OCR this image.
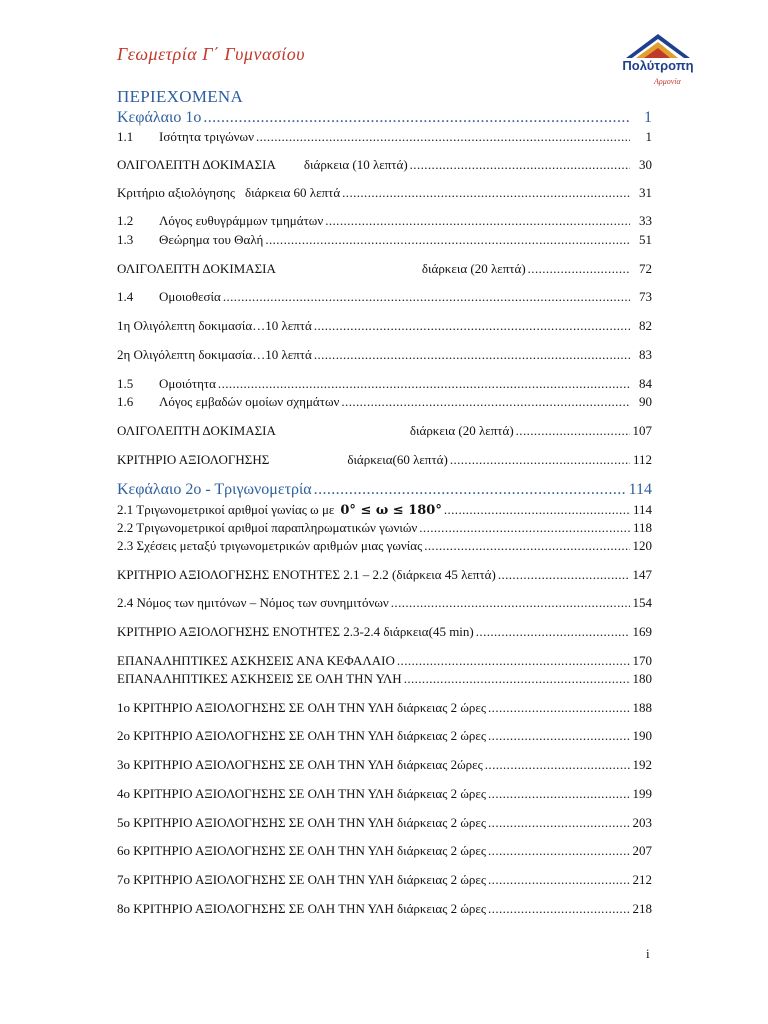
Γεωμετρία Γ΄ Γυμνασίου
Πολύτροπη
Αρμονία
ΠΕΡΙΕΧΟΜΕΝΑ
Κεφάλαιο 1ο .....	1
1.1	Ισότητα τριγώνων .....	1
ΟΛΙΓΟΛΕΠΤΗ ΔΟΚΙΜΑΣΙΑ διάρκεια (10 λεπτά) .....	30
Κριτήριο αξιολόγησης διάρκεια 60 λεπτά .....	31
1.2	Λόγος ευθυγράμμων τμημάτων .....	33
1.3	Θεώρημα του Θαλή .....	51
ΟΛΙΓΟΛΕΠΤΗ ΔΟΚΙΜΑΣΙΑ	διάρκεια (20 λεπτά) .....	72
1.4	Ομοιοθεσία .....	73
1η Ολιγόλεπτη δοκιμασία…10 λεπτά .....	82
2η Ολιγόλεπτη δοκιμασία…10 λεπτά .....	83
1.5	Ομοιότητα .....	84
1.6	Λόγος εμβαδών ομοίων σχημάτων .....	90
ΟΛΙΓΟΛΕΠΤΗ ΔΟΚΙΜΑΣΙΑ	διάρκεια (20 λεπτά) .....	107
ΚΡΙΤΗΡΙΟ ΑΞΙΟΛΟΓΗΣΗΣ	διάρκεια(60 λεπτά) .....	112
Κεφάλαιο 2ο - Τριγωνομετρία .....	114
2.1 Τριγωνομετρικοί αριθμοί γωνίας ω με 0° ≤ ω ≤ 180° .....	114
2.2 Τριγωνομετρικοί αριθμοί παραπληρωματικών γωνιών .....	118
2.3 Σχέσεις μεταξύ τριγωνομετρικών αριθμών μιας γωνίας .....	120
ΚΡΙΤΗΡΙΟ ΑΞΙΟΛΟΓΗΣΗΣ ΕΝΟΤΗΤΕΣ 2.1 – 2.2 (διάρκεια 45 λεπτά) .....	147
2.4 Νόμος των ημιτόνων – Νόμος των συνημιτόνων .....	154
ΚΡΙΤΗΡΙΟ ΑΞΙΟΛΟΓΗΣΗΣ ΕΝΟΤΗΤΕΣ 2.3-2.4 διάρκεια(45 min) .....	169
ΕΠΑΝΑΛΗΠΤΙΚΕΣ ΑΣΚΗΣΕΙΣ ΑΝΑ ΚΕΦΑΛΑΙΟ .....	170
ΕΠΑΝΑΛΗΠΤΙΚΕΣ ΑΣΚΗΣΕΙΣ ΣΕ ΟΛΗ ΤΗΝ ΥΛΗ .....	180
1ο ΚΡΙΤΗΡΙΟ ΑΞΙΟΛΟΓΗΣΗΣ ΣΕ ΟΛΗ ΤΗΝ ΥΛΗ διάρκειας 2 ώρες .....	188
2ο ΚΡΙΤΗΡΙΟ ΑΞΙΟΛΟΓΗΣΗΣ ΣΕ ΟΛΗ ΤΗΝ ΥΛΗ διάρκειας 2 ώρες .....	190
3ο ΚΡΙΤΗΡΙΟ ΑΞΙΟΛΟΓΗΣΗΣ ΣΕ ΟΛΗ ΤΗΝ ΥΛΗ διάρκειας 2ώρες .....	192
4ο ΚΡΙΤΗΡΙΟ ΑΞΙΟΛΟΓΗΣΗΣ ΣΕ ΟΛΗ ΤΗΝ ΥΛΗ διάρκειας 2 ώρες .....	199
5ο ΚΡΙΤΗΡΙΟ ΑΞΙΟΛΟΓΗΣΗΣ ΣΕ ΟΛΗ ΤΗΝ ΥΛΗ διάρκειας 2 ώρες .....	203
6ο ΚΡΙΤΗΡΙΟ ΑΞΙΟΛΟΓΗΣΗΣ ΣΕ ΟΛΗ ΤΗΝ ΥΛΗ διάρκειας 2 ώρες .....	207
7ο ΚΡΙΤΗΡΙΟ ΑΞΙΟΛΟΓΗΣΗΣ ΣΕ ΟΛΗ ΤΗΝ ΥΛΗ διάρκειας 2 ώρες .....	212
8ο ΚΡΙΤΗΡΙΟ ΑΞΙΟΛΟΓΗΣΗΣ ΣΕ ΟΛΗ ΤΗΝ ΥΛΗ διάρκειας 2 ώρες .....	218
i
